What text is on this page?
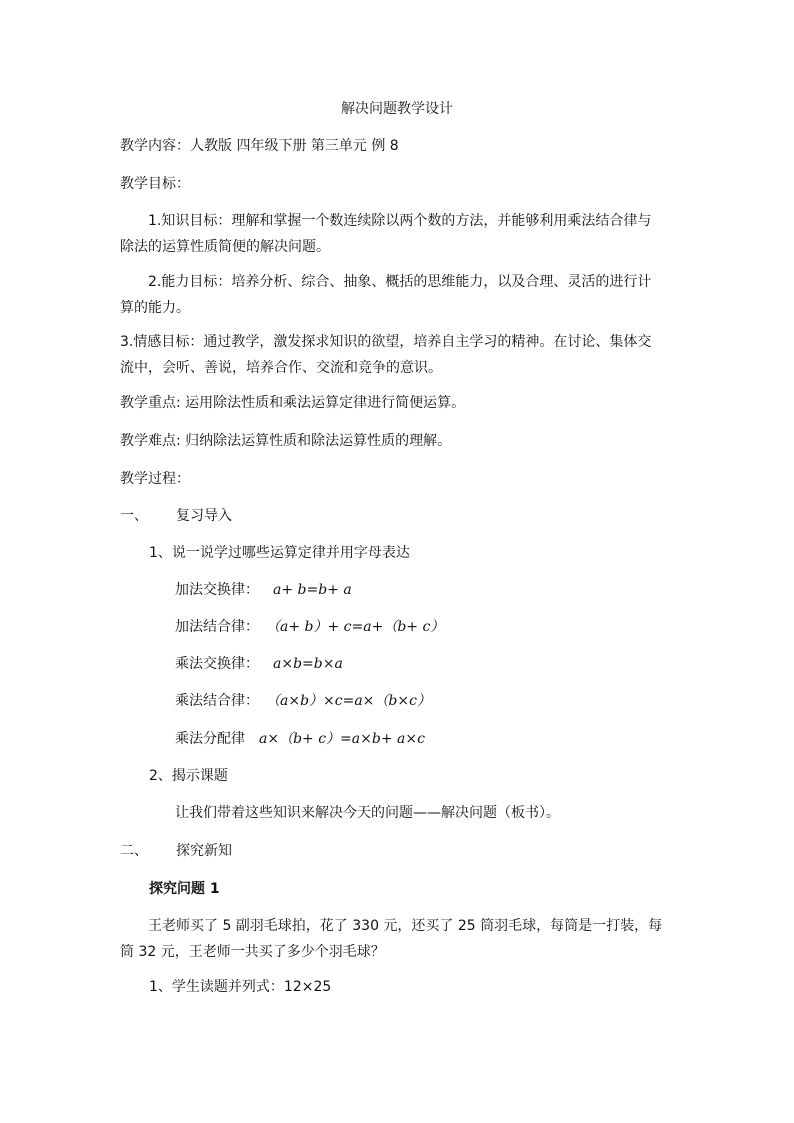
解决问题教学设计
教学内容：人教版 四年级下册 第三单元 例 8
教学目标：
1.知识目标：理解和掌握一个数连续除以两个数的方法，并能够利用乘法结合律与除法的运算性质简便的解决问题。
2.能力目标：培养分析、综合、抽象、概括的思维能力，以及合理、灵活的进行计算的能力。
3.情感目标：通过教学，激发探求知识的欲望，培养自主学习的精神。在讨论、集体交流中，会听、善说，培养合作、交流和竞争的意识。
教学重点: 运用除法性质和乘法运算定律进行简便运算。
教学难点: 归纳除法运算性质和除法运算性质的理解。
教学过程：
一、 复习导入
1、说一说学过哪些运算定律并用字母表达
加法交换律： a+ b=b+ a
加法结合律： （a+ b）+ c=a+（b+ c）
乘法交换律： a×b=b×a
乘法结合律： （a×b）×c=a×（b×c）
乘法分配律 a×（b+ c）=a×b+ a×c
2、揭示课题
让我们带着这些知识来解决今天的问题——解决问题（板书）。
二、 探究新知
探究问题 1
王老师买了 5 副羽毛球拍，花了 330 元，还买了 25 筒羽毛球，每筒是一打装，每筒 32 元，王老师一共买了多少个羽毛球？
1、学生读题并列式：12×25
